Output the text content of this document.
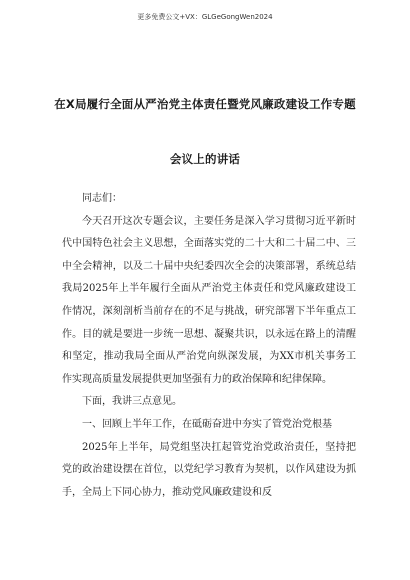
更多免费公文+VX：GLGeGongWen2024
在X局履行全面从严治党主体责任暨党风廉政建设工作专题
会议上的讲话

同志们：

今天召开这次专题会议，主要任务是深入学习贯彻习近平新时代中国特色社会主义思想，全面落实党的二十大和二十届二中、三中全会精神，以及二十届中央纪委四次全会的决策部署，系统总结我局2025年上半年履行全面从严治党主体责任和党风廉政建设工作情况，深刻剖析当前存在的不足与挑战，研究部署下半年重点工作。目的就是要进一步统一思想、凝聚共识，以永远在路上的清醒和坚定，推动我局全面从严治党向纵深发展，为XX市机关事务工作实现高质量发展提供更加坚强有力的政治保障和纪律保障。

下面，我讲三点意见。

一、回顾上半年工作，在砥砺奋进中夯实了管党治党根基

2025年上半年，局党组坚决扛起管党治党政治责任，坚持把党的政治建设摆在首位，以党纪学习教育为契机，以作风建设为抓手，全局上下同心协力，推动党风廉政建设和反
